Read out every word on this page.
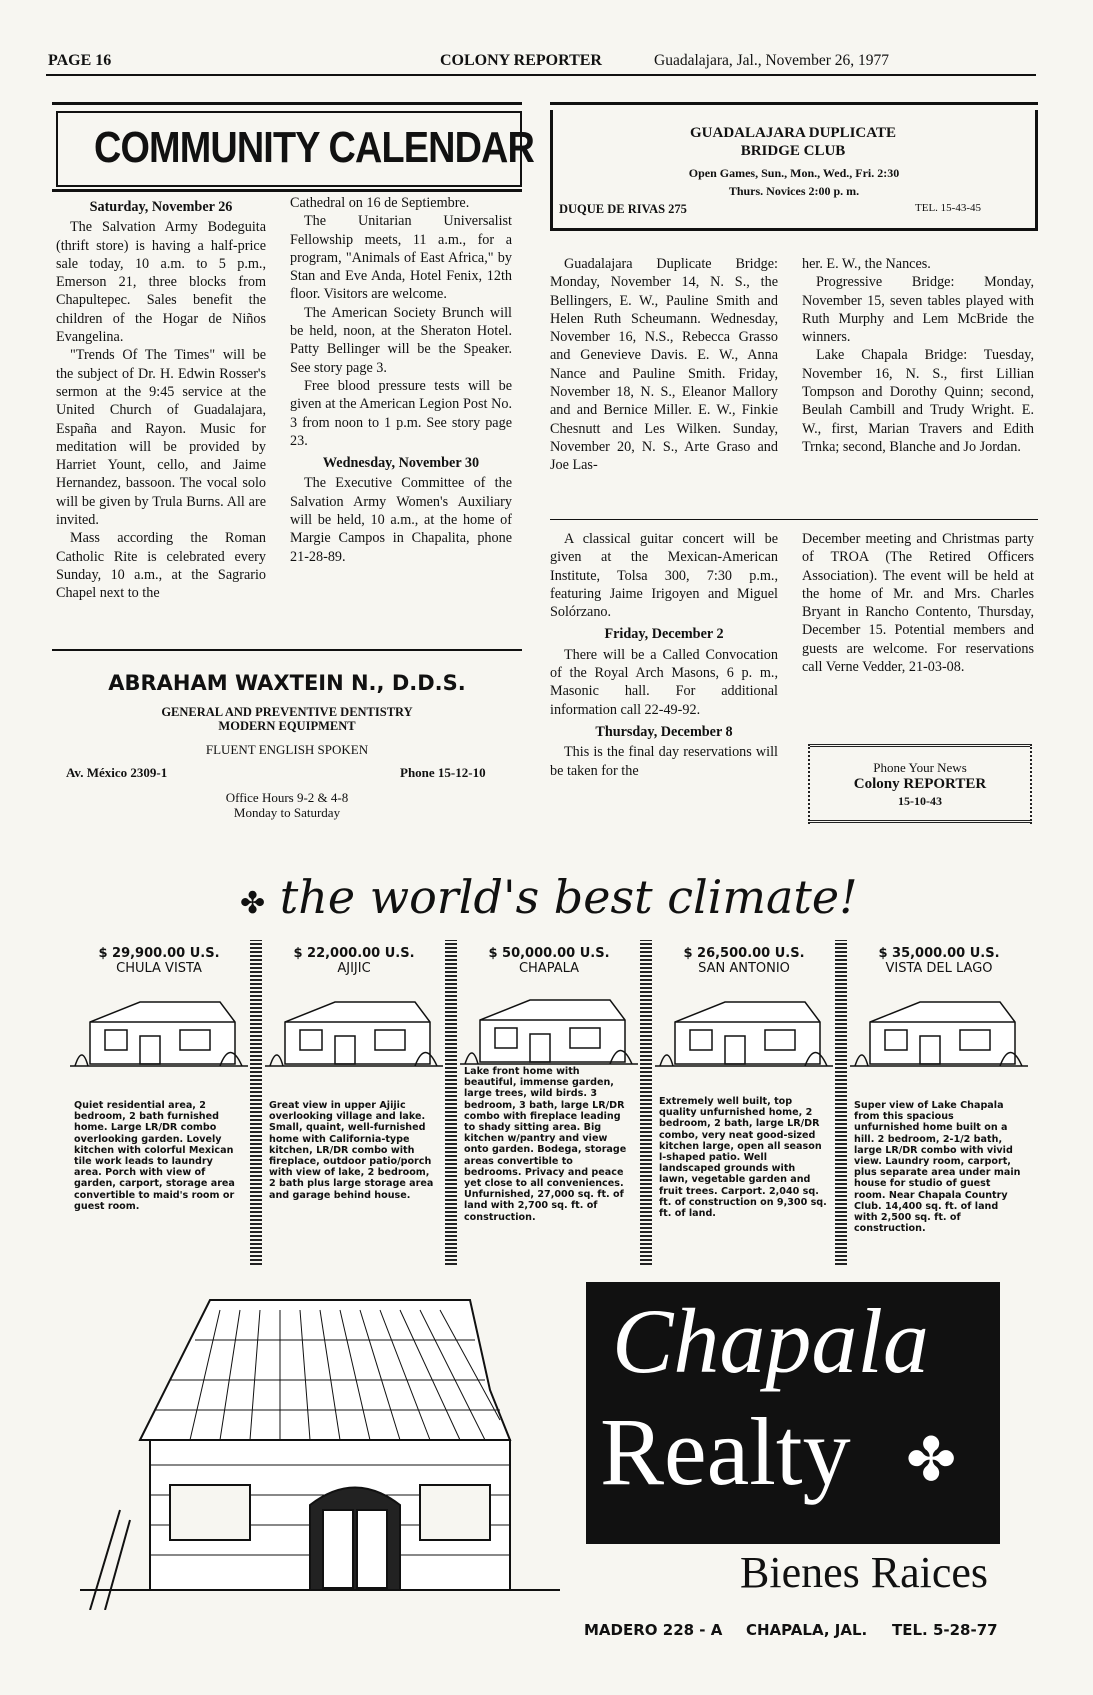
PAGE 16	COLONY REPORTER	Guadalajara, Jal., November 26, 1977
COMMUNITY CALENDAR

Saturday, November 26

The Salvation Army Bodeguita (thrift store) is having a half-price sale today, 10 a.m. to 5 p.m., Emerson 21, three blocks from Chapultepec. Sales benefit the children of the Hogar de Niños Evangelina.

"Trends Of The Times" will be the subject of Dr. H. Edwin Rosser's sermon at the 9:45 service at the United Church of Guadalajara, España and Rayon. Music for meditation will be provided by Harriet Yount, cello, and Jaime Hernandez, bassoon. The vocal solo will be given by Trula Burns. All are invited.

Mass according the Roman Catholic Rite is celebrated every Sunday, 10 a.m., at the Sagrario Chapel next to the

Cathedral on 16 de Septiembre.

The Unitarian Universalist Fellowship meets, 11 a.m., for a program, "Animals of East Africa," by Stan and Eve Anda, Hotel Fenix, 12th floor. Visitors are welcome.

The American Society Brunch will be held, noon, at the Sheraton Hotel. Patty Bellinger will be the Speaker. See story page 3.

Free blood pressure tests will be given at the American Legion Post No. 3 from noon to 1 p.m. See story page 23.

Wednesday, November 30

The Executive Committee of the Salvation Army Women's Auxiliary will be held, 10 a.m., at the home of Margie Campos in Chapalita, phone 21-28-89.

GUADALAJARA DUPLICATE BRIDGE CLUB
Open Games, Sun., Mon., Wed., Fri. 2:30
Thurs. Novices 2:00 p. m.
DUQUE DE RIVAS 275	TEL. 15-43-45

Guadalajara Duplicate Bridge: Monday, November 14, N. S., the Bellingers, E. W., Pauline Smith and Helen Ruth Scheumann. Wednesday, November 16, N.S., Rebecca Grasso and Genevieve Davis. E. W., Anna Nance and Pauline Smith. Friday, November 18, N. S., Eleanor Mallory and and Bernice Miller. E. W., Finkie Chesnutt and Les Wilken. Sunday, November 20, N. S., Arte Graso and Joe Las-

her. E. W., the Nances.

Progressive Bridge: Monday, November 15, seven tables played with Ruth Murphy and Lem McBride the winners.

Lake Chapala Bridge: Tuesday, November 16, N. S., first Lillian Tompson and Dorothy Quinn; second, Beulah Cambill and Trudy Wright. E. W., first, Marian Travers and Edith Trnka; second, Blanche and Jo Jordan.

A classical guitar concert will be given at the Mexican-American Institute, Tolsa 300, 7:30 p.m., featuring Jaime Irigoyen and Miguel Solórzano.

Friday, December 2

There will be a Called Convocation of the Royal Arch Masons, 6 p. m., Masonic hall. For additional information call 22-49-92.

Thursday, December 8

This is the final day reservations will be taken for the

December meeting and Christmas party of TROA (The Retired Officers Association). The event will be held at the home of Mr. and Mrs. Charles Bryant in Rancho Contento, Thursday, December 15. Potential members and guests are welcome. For reservations call Verne Vedder, 21-03-08.

Phone Your News
Colony REPORTER
15-10-43
ABRAHAM WAXTEIN N., D.D.S.
GENERAL AND PREVENTIVE DENTISTRY
MODERN EQUIPMENT
FLUENT ENGLISH SPOKEN
Av. México 2309-1	Phone 15-12-10
Office Hours 9-2 & 4-8
Monday to Saturday
✤ the world's best climate!
$ 29,900.00 U.S.
CHULA VISTA
Quiet residential area, 2 bedroom, 2 bath furnished home. Large LR/DR combo overlooking garden. Lovely kitchen with colorful Mexican tile work leads to laundry area. Porch with view of garden, carport, storage area convertible to maid's room or guest room.
$ 22,000.00 U.S.
AJIJIC
Great view in upper Ajijic overlooking village and lake. Small, quaint, well-furnished home with California-type kitchen, LR/DR combo with fireplace, outdoor patio/porch with view of lake, 2 bedroom, 2 bath plus large storage area and garage behind house.
$ 50,000.00 U.S.
CHAPALA
Lake front home with beautiful, immense garden, large trees, wild birds. 3 bedroom, 3 bath, large LR/DR combo with fireplace leading to shady sitting area. Big kitchen w/pantry and view onto garden. Bodega, storage areas convertible to bedrooms. Privacy and peace yet close to all conveniences. Unfurnished, 27,000 sq. ft. of land with 2,700 sq. ft. of construction.
$ 26,500.00 U.S.
SAN ANTONIO
Extremely well built, top quality unfurnished home, 2 bedroom, 2 bath, large LR/DR combo, very neat good-sized kitchen large, open all season l-shaped patio. Well landscaped grounds with lawn, vegetable garden and fruit trees. Carport. 2,040 sq. ft. of construction on 9,300 sq. ft. of land.
$ 35,000.00 U.S.
VISTA DEL LAGO
Super view of Lake Chapala from this spacious unfurnished home built on a hill. 2 bedroom, 2-1/2 bath, large LR/DR combo with vivid view. Laundry room, carport, plus separate area under main house for studio of guest room. Near Chapala Country Club. 14,400 sq. ft. of land with 2,500 sq. ft. of construction.
Chapala
Realty ✤
Bienes Raices
MADERO 228 - A CHAPALA, JAL. TEL. 5-28-77
